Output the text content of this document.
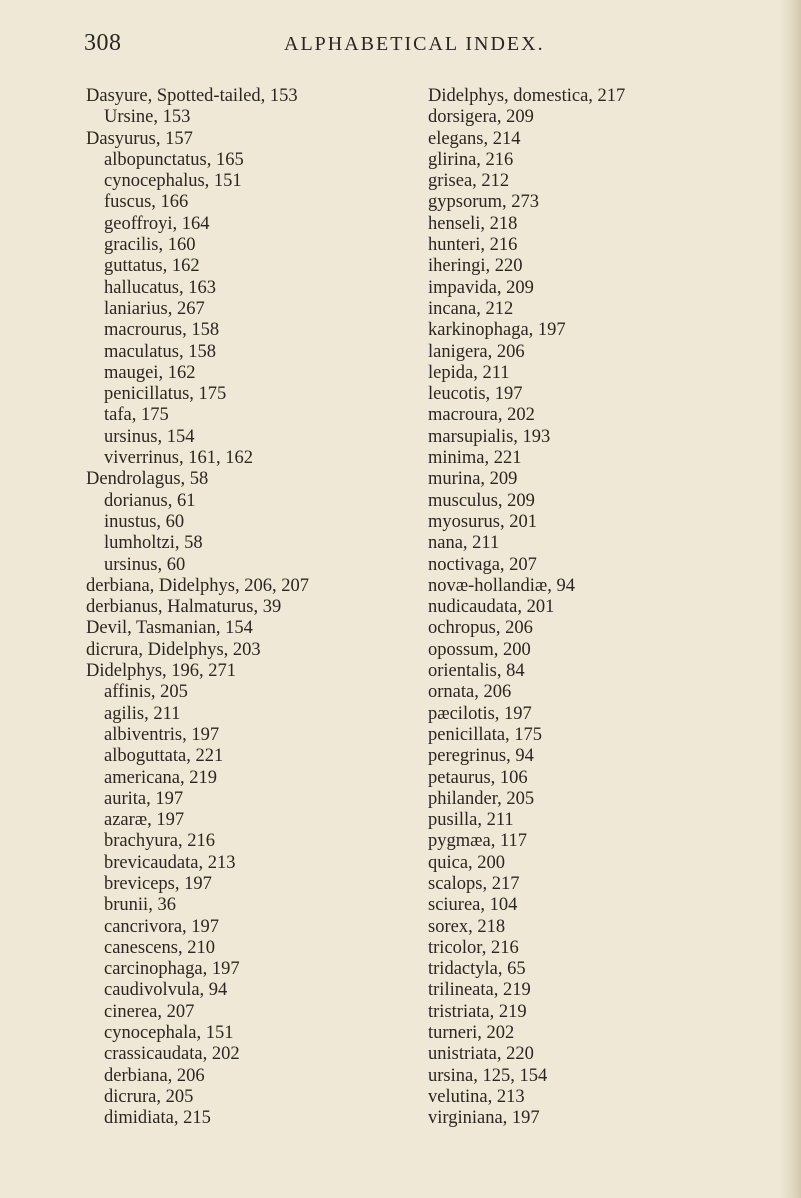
308	ALPHABETICAL INDEX.
Dasyure, Spotted-tailed, 153
Ursine, 153
Dasyurus, 157
albopunctatus, 165
cynocephalus, 151
fuscus, 166
geoffroyi, 164
gracilis, 160
guttatus, 162
hallucatus, 163
laniarius, 267
macrourus, 158
maculatus, 158
maugei, 162
penicillatus, 175
tafa, 175
ursinus, 154
viverrinus, 161, 162
Dendrolagus, 58
dorianus, 61
inustus, 60
lumholtzi, 58
ursinus, 60
derbiana, Didelphys, 206, 207
derbianus, Halmaturus, 39
Devil, Tasmanian, 154
dicrura, Didelphys, 203
Didelphys, 196, 271
affinis, 205
agilis, 211
albiventris, 197
alboguttata, 221
americana, 219
aurita, 197
azaræ, 197
brachyura, 216
brevicaudata, 213
breviceps, 197
brunii, 36
cancrivora, 197
canescens, 210
carcinophaga, 197
caudivolvula, 94
cinerea, 207
cynocephala, 151
crassicaudata, 202
derbiana, 206
dicrura, 205
dimidiata, 215
Didelphys, domestica, 217
dorsigera, 209
elegans, 214
glirina, 216
grisea, 212
gypsorum, 273
henseli, 218
hunteri, 216
iheringi, 220
impavida, 209
incana, 212
karkinophaga, 197
lanigera, 206
lepida, 211
leucotis, 197
macroura, 202
marsupialis, 193
minima, 221
murina, 209
musculus, 209
myosurus, 201
nana, 211
noctivaga, 207
novæ-hollandiæ, 94
nudicaudata, 201
ochropus, 206
opossum, 200
orientalis, 84
ornata, 206
pæcilotis, 197
penicillata, 175
peregrinus, 94
petaurus, 106
philander, 205
pusilla, 211
pygmæa, 117
quica, 200
scalops, 217
sciurea, 104
sorex, 218
tricolor, 216
tridactyla, 65
trilineata, 219
tristriata, 219
turneri, 202
unistriata, 220
ursina, 125, 154
velutina, 213
virginiana, 197
